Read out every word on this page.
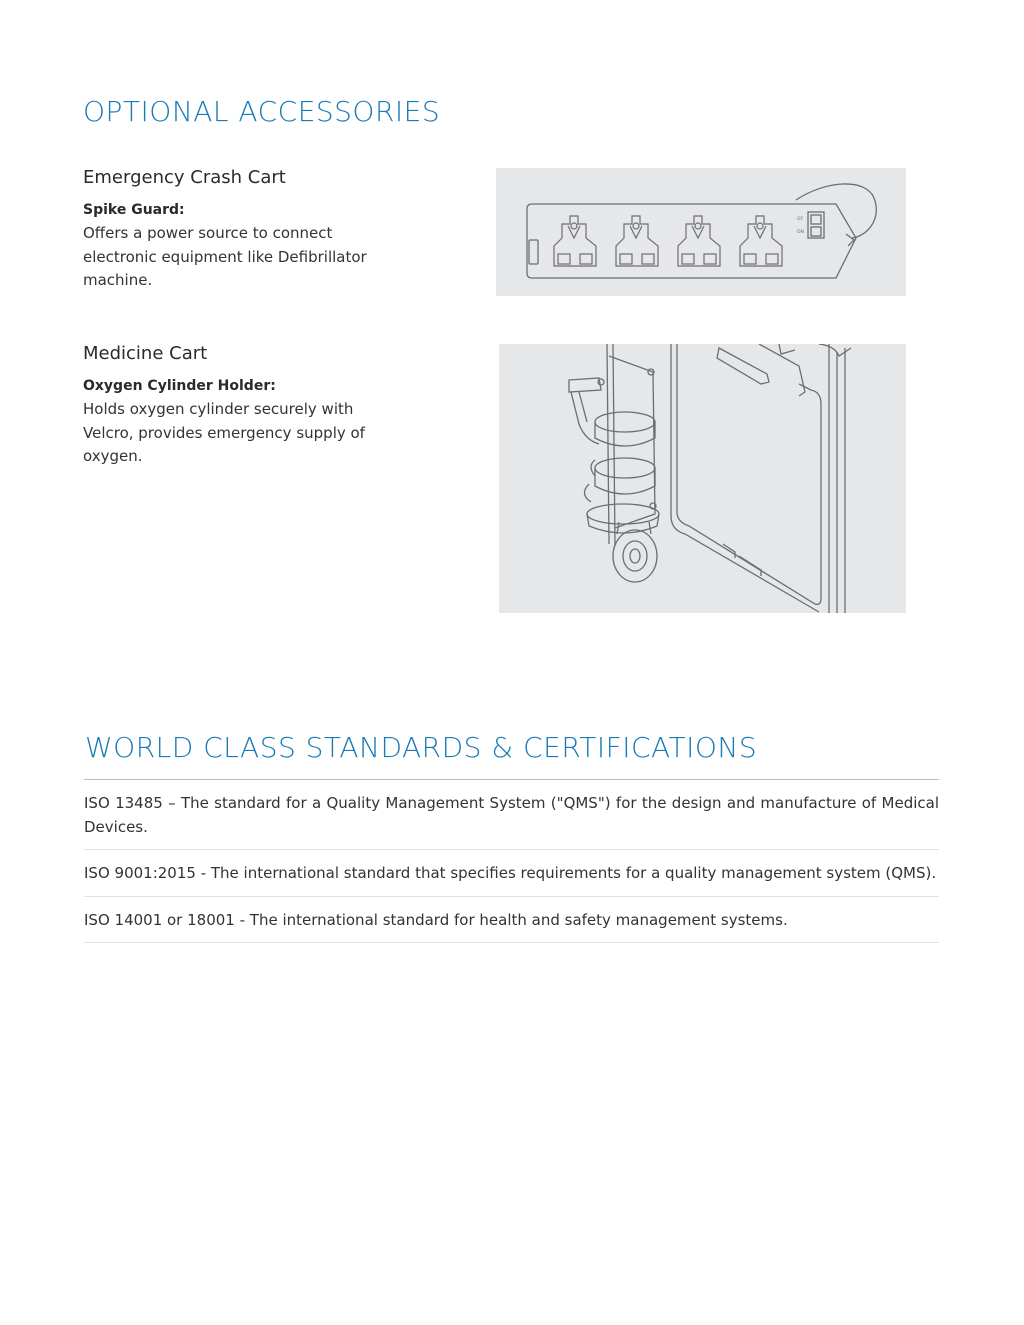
OPTIONAL ACCESSORIES

Emergency Crash Cart

Spike Guard:

Offers a power source to connect electronic equipment like Defibrillator machine.

OF
ON

Medicine Cart

Oxygen Cylinder Holder:

Holds oxygen cylinder securely with Velcro, provides emergency supply of oxygen.

WORLD CLASS STANDARDS & CERTIFICATIONS
ISO 13485 – The standard for a Quality Management System ("QMS") for the design and manufacture of Medical Devices.
ISO 9001:2015 - The international standard that specifies requirements for a quality management system (QMS).
ISO 14001 or 18001 - The international standard for health and safety management systems.
